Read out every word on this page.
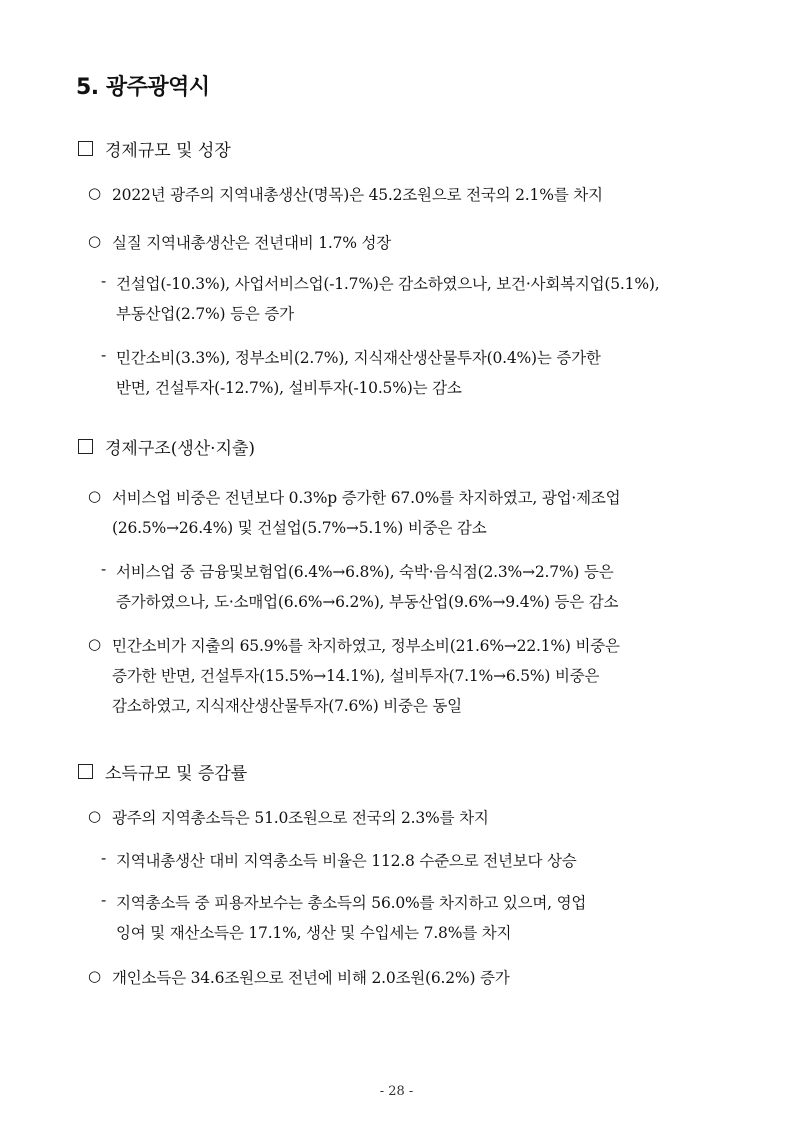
5. 광주광역시
경제규모 및 성장
○ 2022년 광주의 지역내총생산(명목)은 45.2조원으로 전국의 2.1%를 차지
○ 실질 지역내총생산은 전년대비 1.7% 성장
- 건설업(-10.3%), 사업서비스업(-1.7%)은 감소하였으나, 보건·사회복지업(5.1%),
부동산업(2.7%) 등은 증가
- 민간소비(3.3%), 정부소비(2.7%), 지식재산생산물투자(0.4%)는 증가한
반면, 건설투자(-12.7%), 설비투자(-10.5%)는 감소
경제구조(생산·지출)
○ 서비스업 비중은 전년보다 0.3%p 증가한 67.0%를 차지하였고, 광업·제조업
(26.5%→26.4%) 및 건설업(5.7%→5.1%) 비중은 감소
- 서비스업 중 금융및보험업(6.4%→6.8%), 숙박·음식점(2.3%→2.7%) 등은
증가하였으나, 도·소매업(6.6%→6.2%), 부동산업(9.6%→9.4%) 등은 감소
○ 민간소비가 지출의 65.9%를 차지하였고, 정부소비(21.6%→22.1%) 비중은
증가한 반면, 건설투자(15.5%→14.1%), 설비투자(7.1%→6.5%) 비중은
감소하였고, 지식재산생산물투자(7.6%) 비중은 동일
소득규모 및 증감률
○ 광주의 지역총소득은 51.0조원으로 전국의 2.3%를 차지
- 지역내총생산 대비 지역총소득 비율은 112.8 수준으로 전년보다 상승
- 지역총소득 중 피용자보수는 총소득의 56.0%를 차지하고 있으며, 영업
잉여 및 재산소득은 17.1%, 생산 및 수입세는 7.8%를 차지
○ 개인소득은 34.6조원으로 전년에 비해 2.0조원(6.2%) 증가
- 28 -
